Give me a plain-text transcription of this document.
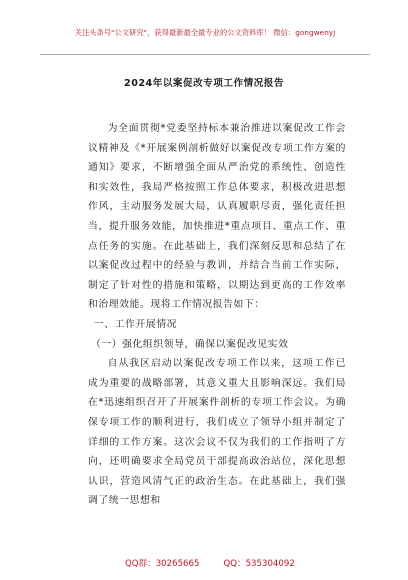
关注头条号"公文研究"，获得最新最全最专业的公文资料库！ 微信：gongwenyj
2024年以案促改专项工作情况报告

为全面贯彻*党委坚持标本兼治推进以案促改工作会议精神及《*开展案例剖析做好以案促改专项工作方案的通知》要求，不断增强全面从严治党的系统性、创造性和实效性，我局严格按照工作总体要求，积极改进思想作风，主动服务发展大局，认真履职尽责，强化责任担当，提升服务效能，加快推进*重点项目、重点工作、重点任务的实施。在此基础上，我们深刻反思和总结了在以案促改过程中的经验与教训，并结合当前工作实际，制定了针对性的措施和策略，以期达到更高的工作效率和治理效能。现将工作情况报告如下：

一、工作开展情况

（一）强化组织领导，确保以案促改见实效

自从我区启动以案促改专项工作以来，这项工作已成为重要的战略部署，其意义重大且影响深远。我们局在*迅速组织召开了开展案件剖析的专项工作会议。为确保专项工作的顺利进行，我们成立了领导小组并制定了详细的工作方案。这次会议不仅为我们的工作指明了方向，还明确要求全局党员干部提高政治站位，深化思想认识，营造风清气正的政治生态。在此基础上，我们强调了统一思想和

QQ群：30265665	QQ：535304092
